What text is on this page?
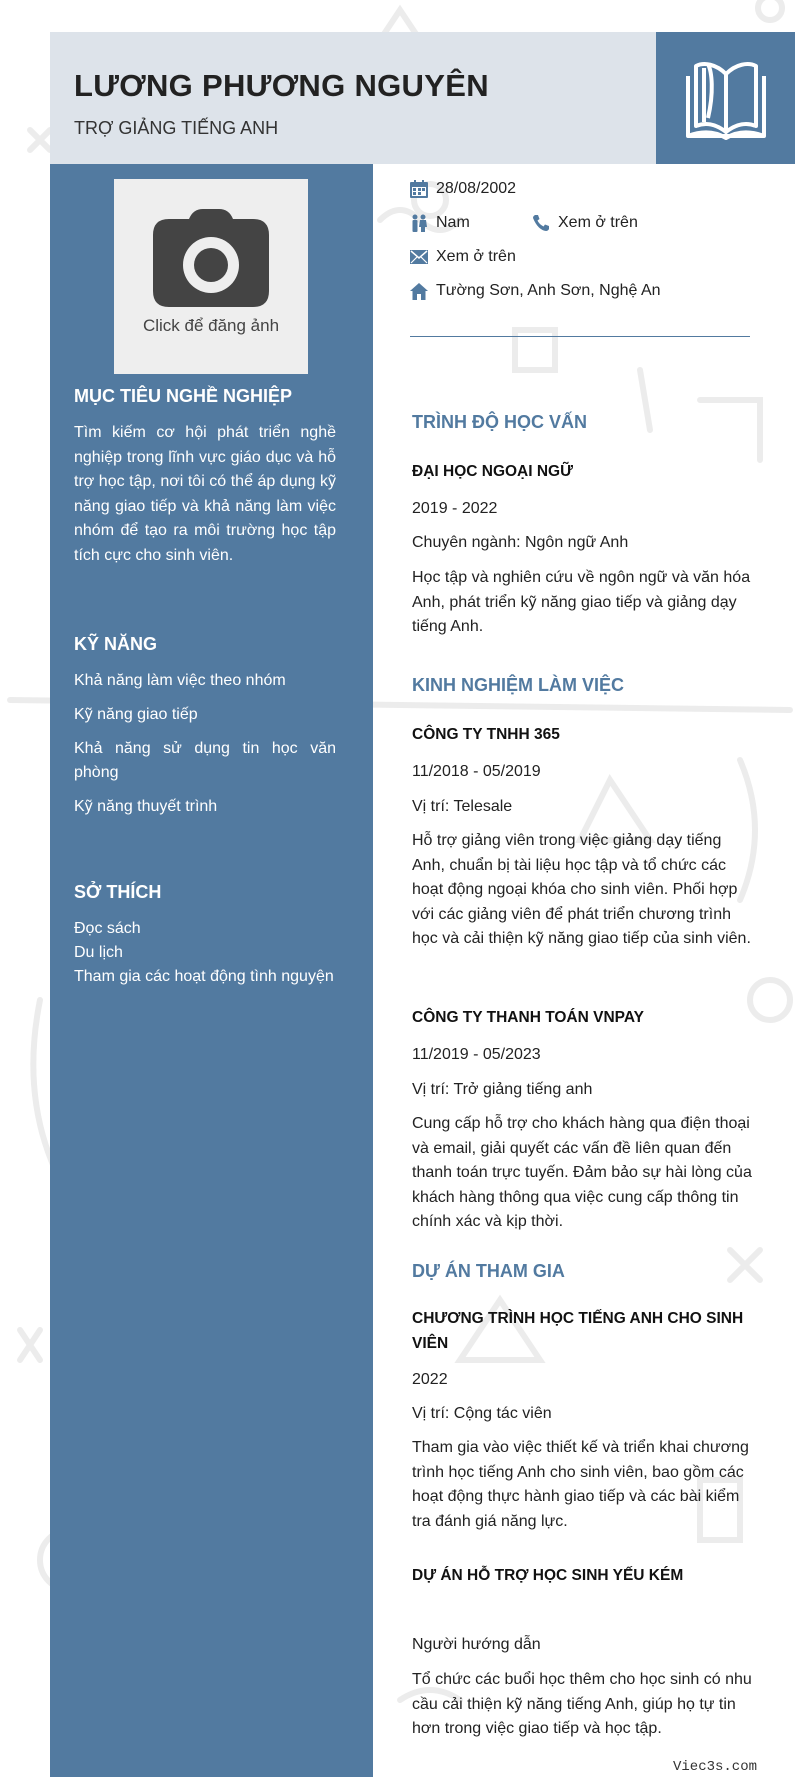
LƯƠNG PHƯƠNG NGUYÊN
TRỢ GIẢNG TIẾNG ANH
Click để đăng ảnh
MỤC TIÊU NGHỀ NGHIỆP
Tìm kiếm cơ hội phát triển nghề nghiệp trong lĩnh vực giáo dục và hỗ trợ học tập, nơi tôi có thể áp dụng kỹ năng giao tiếp và khả năng làm việc nhóm để tạo ra môi trường học tập tích cực cho sinh viên.
KỸ NĂNG
Khả năng làm việc theo nhóm
Kỹ năng giao tiếp
Khả năng sử dụng tin học văn phòng
Kỹ năng thuyết trình
SỞ THÍCH
Đọc sách
Du lịch
Tham gia các hoạt động tình nguyện
28/08/2002
Nam	Xem ở trên
Xem ở trên
Tường Sơn, Anh Sơn, Nghệ An
TRÌNH ĐỘ HỌC VẤN
ĐẠI HỌC NGOẠI NGỮ
2019 - 2022
Chuyên ngành: Ngôn ngữ Anh
Học tập và nghiên cứu về ngôn ngữ và văn hóa Anh, phát triển kỹ năng giao tiếp và giảng dạy tiếng Anh.
KINH NGHIỆM LÀM VIỆC
CÔNG TY TNHH 365
11/2018 - 05/2019
Vị trí: Telesale
Hỗ trợ giảng viên trong việc giảng dạy tiếng Anh, chuẩn bị tài liệu học tập và tổ chức các hoạt động ngoại khóa cho sinh viên. Phối hợp với các giảng viên để phát triển chương trình học và cải thiện kỹ năng giao tiếp của sinh viên.
CÔNG TY THANH TOÁN VNPAY
11/2019 - 05/2023
Vị trí: Trở giảng tiếng anh
Cung cấp hỗ trợ cho khách hàng qua điện thoại và email, giải quyết các vấn đề liên quan đến thanh toán trực tuyến. Đảm bảo sự hài lòng của khách hàng thông qua việc cung cấp thông tin chính xác và kịp thời.
DỰ ÁN THAM GIA
CHƯƠNG TRÌNH HỌC TIẾNG ANH CHO SINH VIÊN
2022
Vị trí: Cộng tác viên
Tham gia vào việc thiết kế và triển khai chương trình học tiếng Anh cho sinh viên, bao gồm các hoạt động thực hành giao tiếp và các bài kiểm tra đánh giá năng lực.
DỰ ÁN HỖ TRỢ HỌC SINH YẾU KÉM
Người hướng dẫn
Tổ chức các buổi học thêm cho học sinh có nhu cầu cải thiện kỹ năng tiếng Anh, giúp họ tự tin hơn trong việc giao tiếp và học tập.
Viec3s.com
